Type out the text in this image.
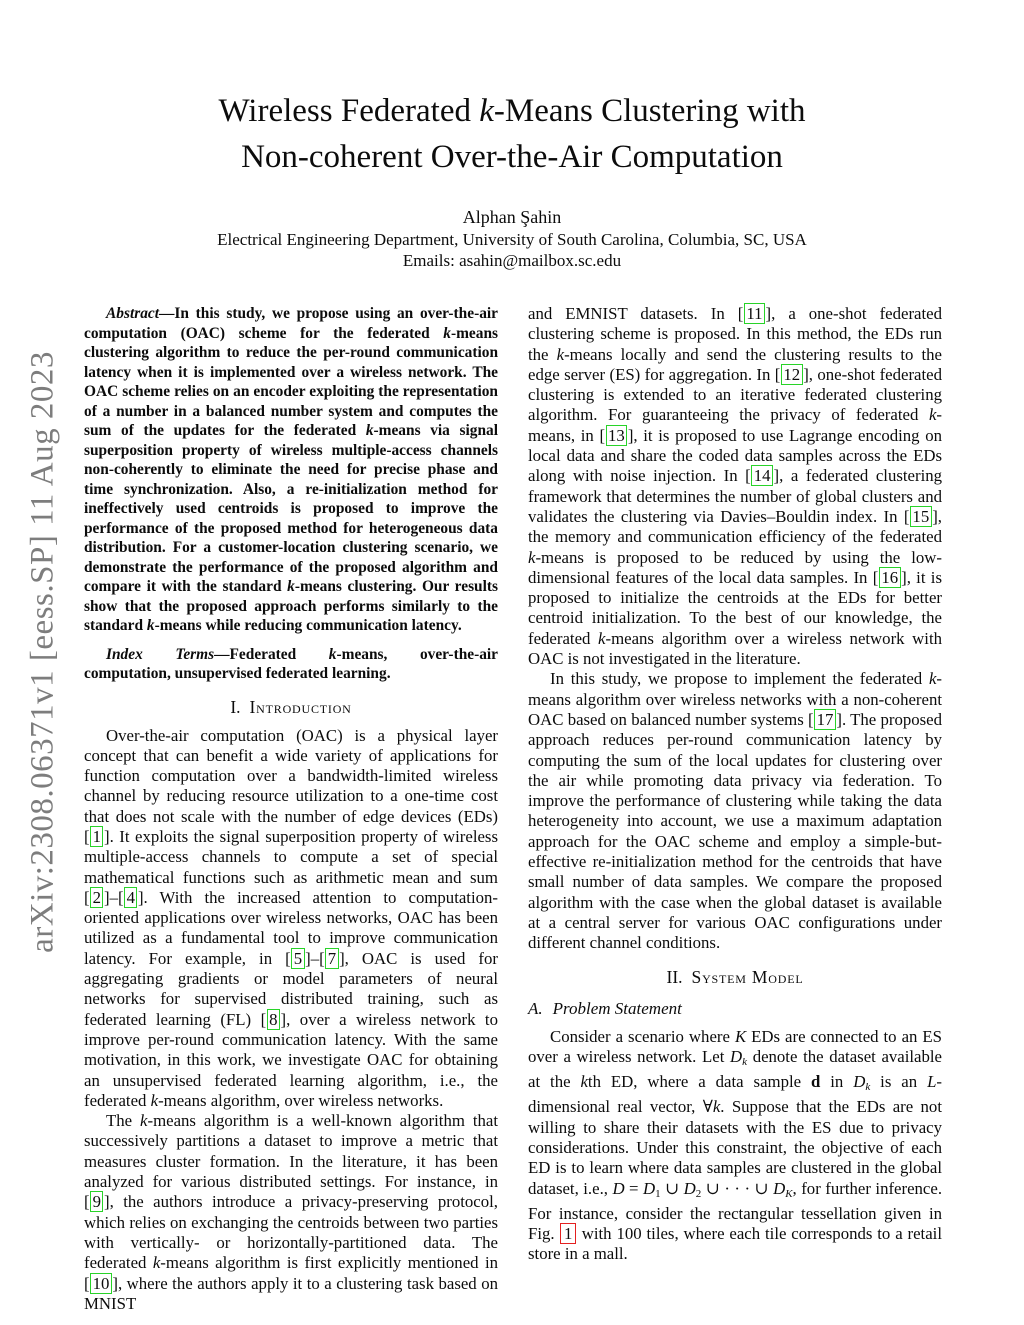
arXiv:2308.06371v1 [eess.SP] 11 Aug 2023
Wireless Federated k-Means Clustering with
Non-coherent Over-the-Air Computation
Alphan Şahin
Electrical Engineering Department, University of South Carolina, Columbia, SC, USA
Emails: asahin@mailbox.sc.edu

Abstract—In this study, we propose using an over-the-air computation (OAC) scheme for the federated k-means clustering algorithm to reduce the per-round communication latency when it is implemented over a wireless network. The OAC scheme relies on an encoder exploiting the representation of a number in a balanced number system and computes the sum of the updates for the federated k-means via signal superposition property of wireless multiple-access channels non-coherently to eliminate the need for precise phase and time synchronization. Also, a re-initialization method for ineffectively used centroids is proposed to improve the performance of the proposed method for heterogeneous data distribution. For a customer-location clustering scenario, we demonstrate the performance of the proposed algorithm and compare it with the standard k-means clustering. Our results show that the proposed approach performs similarly to the standard k-means while reducing communication latency.

Index Terms—Federated k-means, over-the-air computation, unsupervised federated learning.

I. Introduction

Over-the-air computation (OAC) is a physical layer concept that can benefit a wide variety of applications for function computation over a bandwidth-limited wireless channel by reducing resource utilization to a one-time cost that does not scale with the number of edge devices (EDs) [ 1 ]. It exploits the signal superposition property of wireless multiple-access channels to compute a set of special mathematical functions such as arithmetic mean and sum [ 2 ]–[ 4 ]. With the increased attention to computation-oriented applications over wireless networks, OAC has been utilized as a fundamental tool to improve communication latency. For example, in [ 5 ]–[ 7 ], OAC is used for aggregating gradients or model parameters of neural networks for supervised distributed training, such as federated learning (FL) [ 8 ], over a wireless network to improve per-round communication latency. With the same motivation, in this work, we investigate OAC for obtaining an unsupervised federated learning algorithm, i.e., the federated k-means algorithm, over wireless networks.

The k-means algorithm is a well-known algorithm that successively partitions a dataset to improve a metric that measures cluster formation. In the literature, it has been analyzed for various distributed settings. For instance, in [ 9 ], the authors introduce a privacy-preserving protocol, which relies on exchanging the centroids between two parties with vertically- or horizontally-partitioned data. The federated k-means algorithm is first explicitly mentioned in [ 10 ], where the authors apply it to a clustering task based on MNIST

and EMNIST datasets. In [ 11 ], a one-shot federated clustering scheme is proposed. In this method, the EDs run the k-means locally and send the clustering results to the edge server (ES) for aggregation. In [ 12 ], one-shot federated clustering is extended to an iterative federated clustering algorithm. For guaranteeing the privacy of federated k-means, in [ 13 ], it is proposed to use Lagrange encoding on local data and share the coded data samples across the EDs along with noise injection. In [ 14 ], a federated clustering framework that determines the number of global clusters and validates the clustering via Davies–Bouldin index. In [ 15 ], the memory and communication efficiency of the federated k-means is proposed to be reduced by using the low-dimensional features of the local data samples. In [ 16 ], it is proposed to initialize the centroids at the EDs for better centroid initialization. To the best of our knowledge, the federated k-means algorithm over a wireless network with OAC is not investigated in the literature.

In this study, we propose to implement the federated k-means algorithm over wireless networks with a non-coherent OAC based on balanced number systems [ 17 ]. The proposed approach reduces per-round communication latency by computing the sum of the local updates for clustering over the air while promoting data privacy via federation. To improve the performance of clustering while taking the data heterogeneity into account, we use a maximum adaptation approach for the OAC scheme and employ a simple-but-effective re-initialization method for the centroids that have small number of data samples. We compare the proposed algorithm with the case when the global dataset is available at a central server for various OAC configurations under different channel conditions.

II. System Model
A. Problem Statement

Consider a scenario where K EDs are connected to an ES over a wireless network. Let Dk denote the dataset available at the kth ED, where a data sample d in Dk is an L-dimensional real vector, ∀k. Suppose that the EDs are not willing to share their datasets with the ES due to privacy considerations. Under this constraint, the objective of each ED is to learn where data samples are clustered in the global dataset, i.e., D = D1 ∪ D2 ∪ · · · ∪ DK, for further inference. For instance, consider the rectangular tessellation given in Fig. 1 with 100 tiles, where each tile corresponds to a retail store in a mall.
